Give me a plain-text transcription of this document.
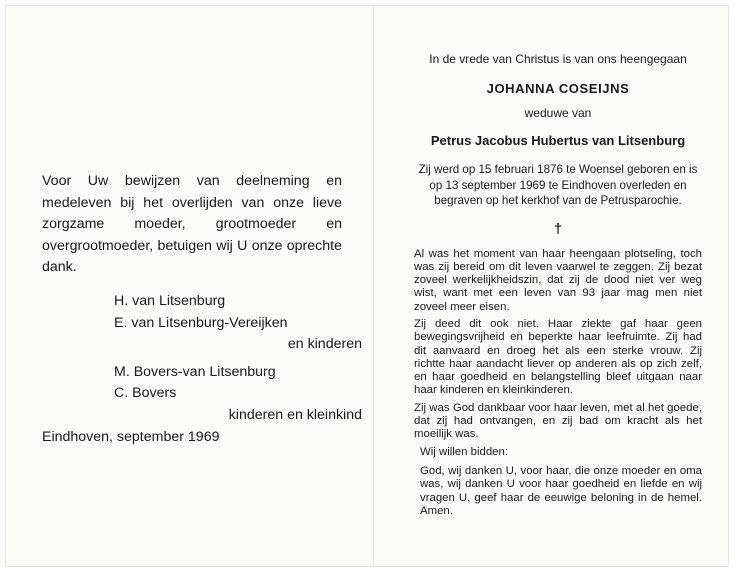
Voor Uw bewijzen van deelneming en medeleven bij het overlijden van onze lieve zorgzame moeder, grootmoeder en overgrootmoeder, betuigen wij U onze oprechte dank.

H. van Litsenburg
E. van Litsenburg-Vereijken
en kinderen
M. Bovers-van Litsenburg
C. Bovers
kinderen en kleinkind

Eindhoven, september 1969

In de vrede van Christus is van ons heengegaan
JOHANNA COSEIJNS
weduwe van
Petrus Jacobus Hubertus van Litsenburg
Zij werd op 15 februari 1876 te Woensel geboren en is op 13 september 1969 te Eindhoven overleden en begraven op het kerkhof van de Petrusparochie.
†

Al was het moment van haar heengaan plotseling, toch was zij bereid om dit leven vaarwel te zeggen. Zij bezat zoveel werkelijkheidszin, dat zij de dood niet ver weg wist, want met een leven van 93 jaar mag men niet zoveel meer eisen.

Zij deed dit ook niet. Haar ziekte gaf haar geen bewegingsvrijheid en beperkte haar leefruimte. Zij had dit aanvaard en droeg het als een sterke vrouw. Zij richtte haar aandacht liever op anderen als op zich zelf, en haar goedheid en belangstelling bleef uitgaan naar haar kinderen en kleinkinderen.

Zij was God dankbaar voor haar leven, met al het goede, dat zij had ontvangen, en zij bad om kracht als het moeilijk was.

Wij willen bidden:

God, wij danken U, voor haar, die onze moeder en oma was, wij danken U voor haar goedheid en liefde en wij vragen U, geef haar de eeuwige beloning in de hemel. Amen.
